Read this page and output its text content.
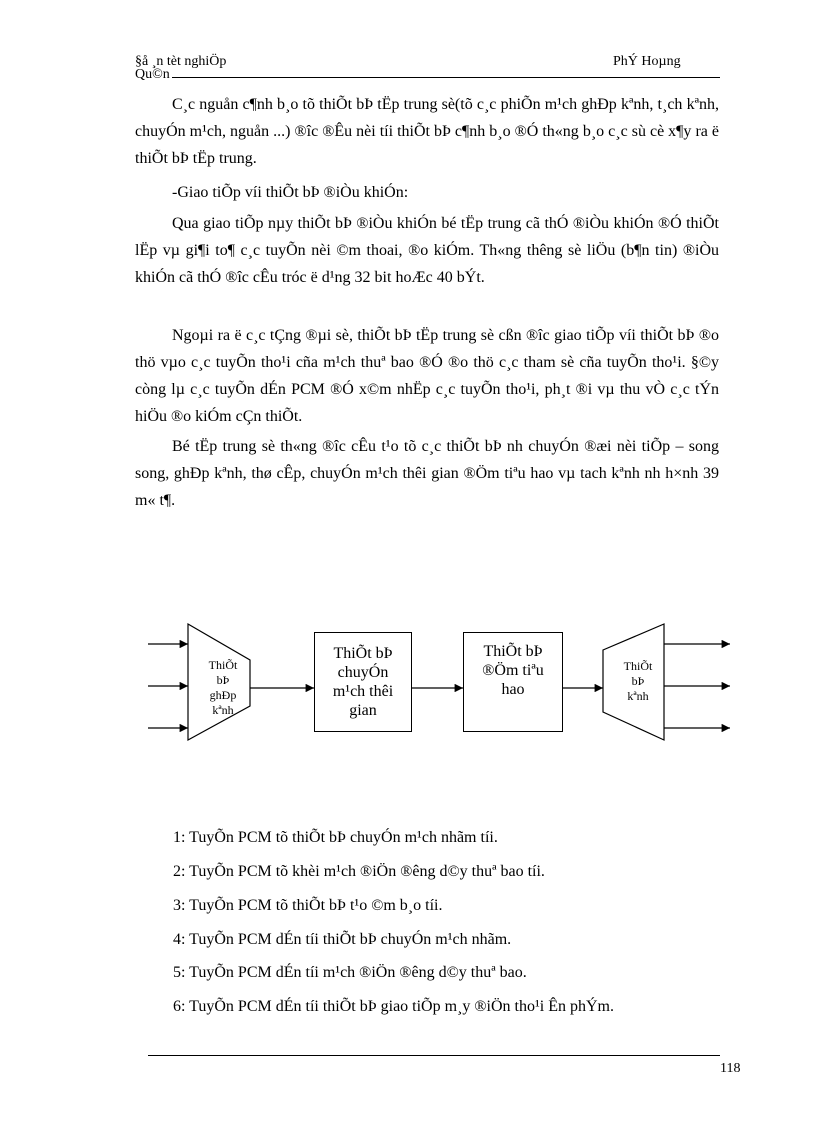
§å ¸n tèt nghiÖp	PhÝ Hoµng
Qu©n

C¸c nguån c¶nh b¸o tõ thiÕt bÞ tËp trung sè(tõ c¸c phiÕn m¹ch ghÐp kªnh, t¸ch kªnh, chuyÓn m¹ch, nguån ...) ®îc ®Êu nèi tíi thiÕt bÞ c¶nh b¸o ®Ó th«ng b¸o c¸c sù cè x¶y ra ë thiÕt bÞ tËp trung.

-Giao tiÕp víi thiÕt bÞ ®iÒu khiÓn:

Qua giao tiÕp nµy thiÕt bÞ ®iÒu khiÓn bé tËp trung cã thÓ ®iÒu khiÓn ®Ó thiÕt lËp vµ gi¶i to¶ c¸c tuyÕn nèi ©m thoai, ®o kiÓm. Th«ng thêng sè liÖu (b¶n tin) ®iÒu khiÓn cã thÓ ®îc cÊu tróc ë d¹ng 32 bit hoÆc 40 bÝt.

Ngoµi ra ë c¸c tÇng ®µi sè, thiÕt bÞ tËp trung sè cßn ®îc giao tiÕp víi thiÕt bÞ ®o thö vµo c¸c tuyÕn tho¹i cña m¹ch thuª bao ®Ó ®o thö c¸c tham sè cña tuyÕn tho¹i. §©y còng lµ c¸c tuyÕn dÉn PCM ®Ó x©m nhËp c¸c tuyÕn tho¹i, ph¸t ®i vµ thu vÒ c¸c tÝn hiÖu ®o kiÓm cÇn thiÕt.

Bé tËp trung sè th«ng ®îc cÊu t¹o tõ c¸c thiÕt bÞ nh chuyÓn ®æi nèi tiÕp – song song, ghÐp kªnh, thø cÊp, chuyÓn m¹ch thêi gian ®Öm tiªu hao vµ tach kªnh nh h×nh 39 m« t¶.

ThiÕt
bÞ
ghÐp
kªnh
ThiÕt bÞ
chuyÓn
m¹ch thêi
gian
ThiÕt bÞ
®Öm tiªu
hao
ThiÕt
bÞ
kªnh
1: TuyÕn PCM tõ thiÕt bÞ chuyÓn m¹ch nhãm tíi.
2: TuyÕn PCM tõ khèi m¹ch ®iÖn ®êng d©y thuª bao tíi.
3: TuyÕn PCM tõ thiÕt bÞ t¹o ©m b¸o tíi.
4: TuyÕn PCM dÉn tíi thiÕt bÞ chuyÓn m¹ch nhãm.
5: TuyÕn PCM dÉn tíi m¹ch ®iÖn ®êng d©y thuª bao.
6: TuyÕn PCM dÉn tíi thiÕt bÞ giao tiÕp m¸y ®iÖn tho¹i Ên phÝm.
118
